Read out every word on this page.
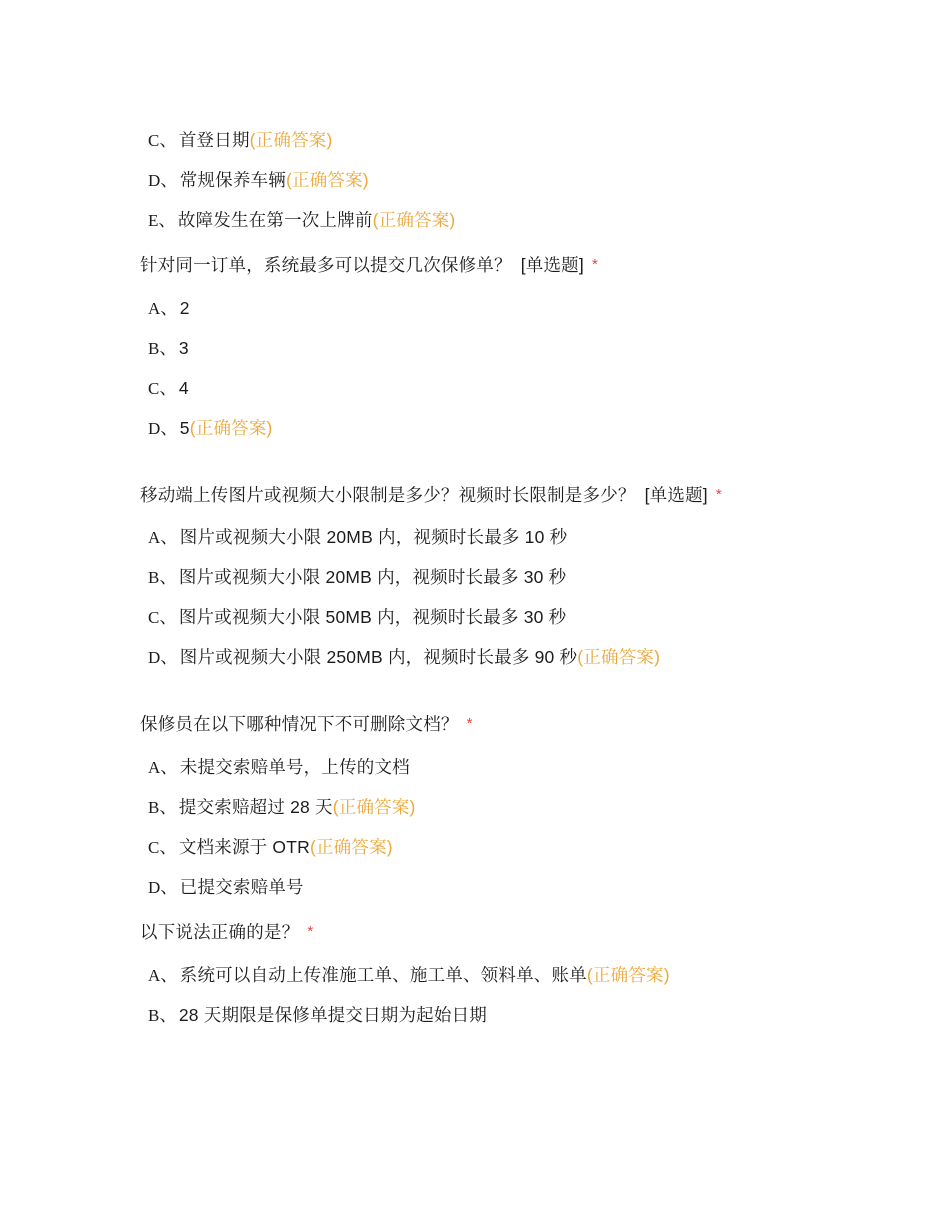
C、 首登日期(正确答案)
D、 常规保养车辆(正确答案)
E、 故障发生在第一次上牌前(正确答案)
针对同一订单，系统最多可以提交几次保修单？ [单选题] *
A、 2
B、 3
C、 4
D、 5(正确答案)
移动端上传图片或视频大小限制是多少？视频时长限制是多少？ [单选题] *
A、 图片或视频大小限 20MB 内，视频时长最多 10 秒
B、 图片或视频大小限 20MB 内，视频时长最多 30 秒
C、 图片或视频大小限 50MB 内，视频时长最多 30 秒
D、 图片或视频大小限 250MB 内，视频时长最多 90 秒(正确答案)
保修员在以下哪种情况下不可删除文档？ *
A、 未提交索赔单号，上传的文档
B、 提交索赔超过 28 天(正确答案)
C、 文档来源于 OTR(正确答案)
D、 已提交索赔单号
以下说法正确的是？ *
A、 系统可以自动上传准施工单、施工单、领料单、账单(正确答案)
B、 28 天期限是保修单提交日期为起始日期
